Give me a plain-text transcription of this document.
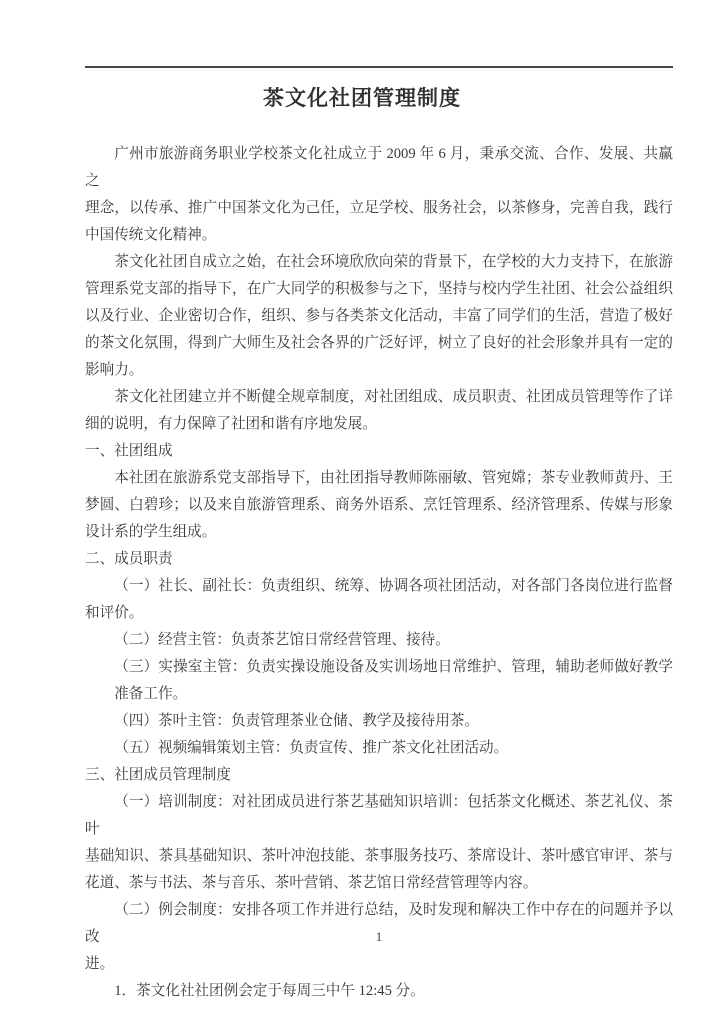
茶文化社团管理制度
广州市旅游商务职业学校茶文化社成立于 2009 年 6 月，秉承交流、合作、发展、共赢之
理念，以传承、推广中国茶文化为己任，立足学校、服务社会，以茶修身，完善自我，践行
中国传统文化精神。
茶文化社团自成立之始，在社会环境欣欣向荣的背景下，在学校的大力支持下，在旅游
管理系党支部的指导下，在广大同学的积极参与之下，坚持与校内学生社团、社会公益组织
以及行业、企业密切合作，组织、参与各类茶文化活动，丰富了同学们的生活，营造了极好
的茶文化氛围，得到广大师生及社会各界的广泛好评，树立了良好的社会形象并具有一定的
影响力。
茶文化社团建立并不断健全规章制度，对社团组成、成员职责、社团成员管理等作了详
细的说明，有力保障了社团和谐有序地发展。
一、社团组成
本社团在旅游系党支部指导下，由社团指导教师陈丽敏、管宛嫦；茶专业教师黄丹、王
梦圆、白碧珍；以及来自旅游管理系、商务外语系、烹饪管理系、经济管理系、传媒与形象
设计系的学生组成。
二、成员职责
（一）社长、副社长：负责组织、统筹、协调各项社团活动，对各部门各岗位进行监督
和评价。
（二）经营主管：负责茶艺馆日常经营管理、接待。
（三）实操室主管：负责实操设施设备及实训场地日常维护、管理，辅助老师做好教学
准备工作。
（四）茶叶主管：负责管理茶业仓储、教学及接待用茶。
（五）视频编辑策划主管：负责宣传、推广茶文化社团活动。
三、社团成员管理制度
（一）培训制度：对社团成员进行茶艺基础知识培训：包括茶文化概述、茶艺礼仪、茶叶
基础知识、茶具基础知识、茶叶冲泡技能、茶事服务技巧、茶席设计、茶叶感官审评、茶与
花道、茶与书法、茶与音乐、茶叶营销、茶艺馆日常经营管理等内容。
（二）例会制度：安排各项工作并进行总结，及时发现和解决工作中存在的问题并予以改
进。
1．茶文化社社团例会定于每周三中午 12:45 分。
1
